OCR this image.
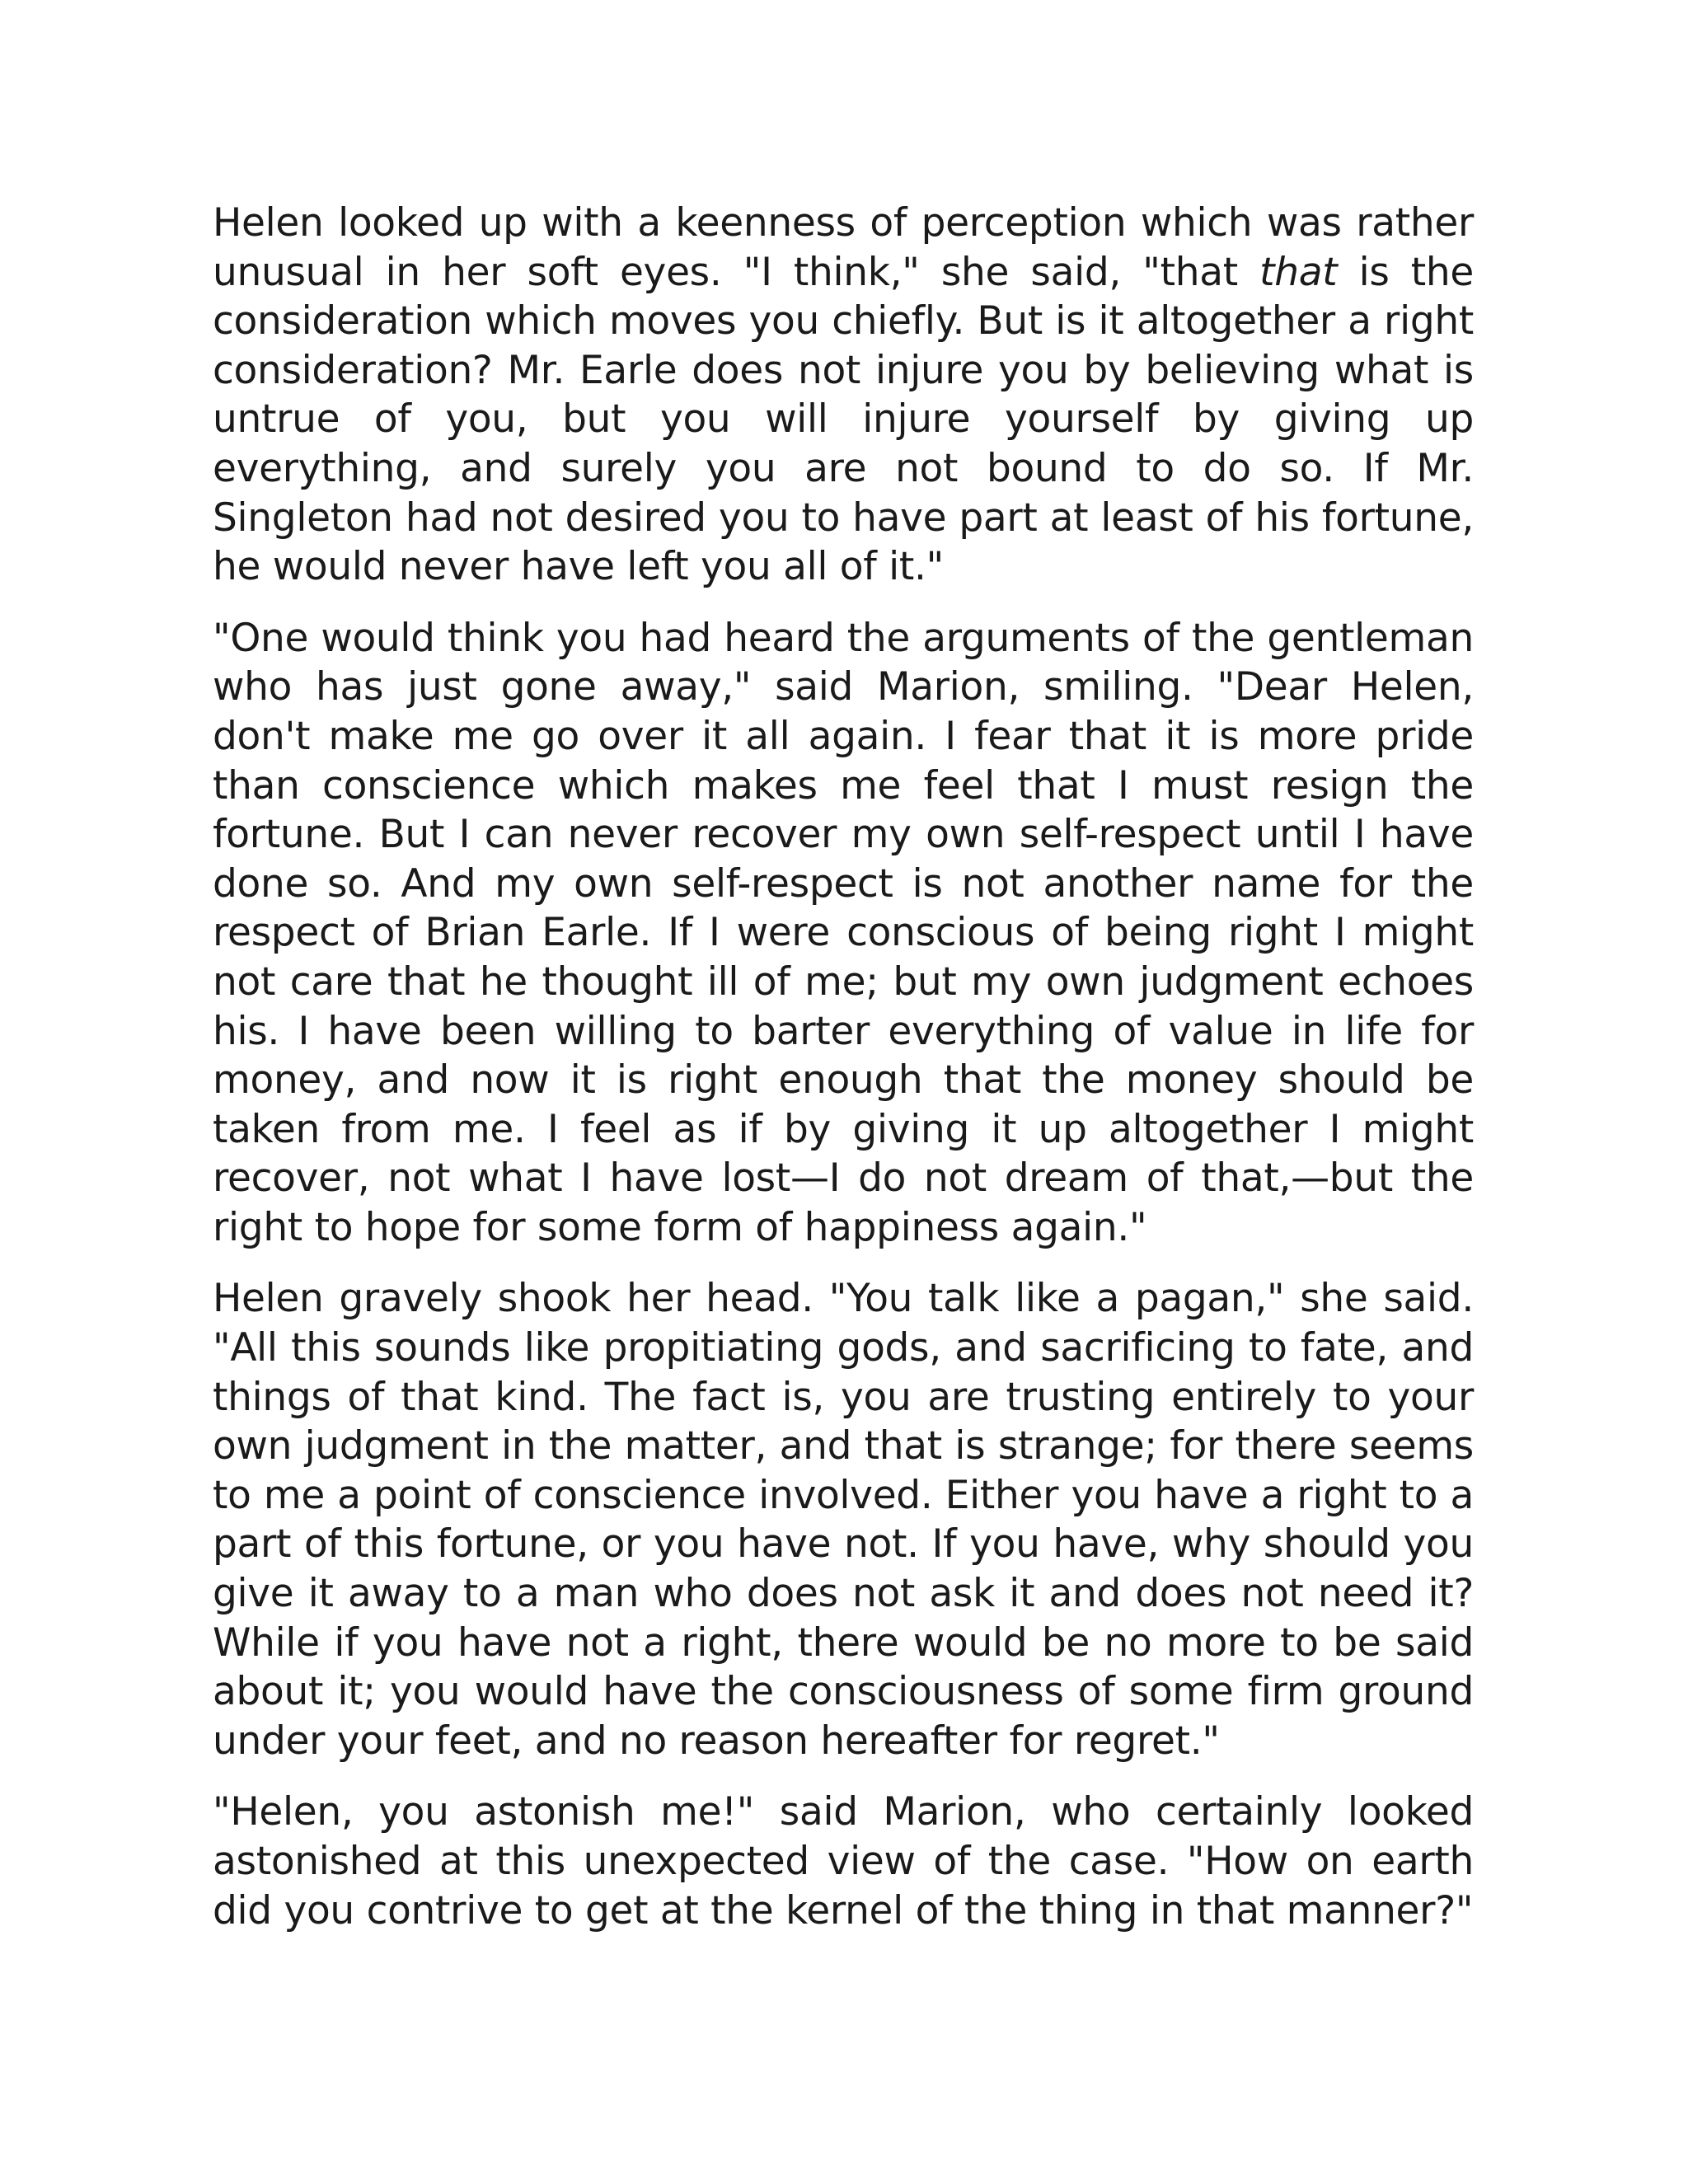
Helen looked up with a keenness of perception which was rather unusual in her soft eyes. "I think," she said, "that that is the consideration which moves you chiefly. But is it altogether a right consideration? Mr. Earle does not injure you by believing what is untrue of you, but you will injure yourself by giving up everything, and surely you are not bound to do so. If Mr. Singleton had not desired you to have part at least of his fortune, he would never have left you all of it."

"One would think you had heard the arguments of the gentleman who has just gone away," said Marion, smiling. "Dear Helen, don't make me go over it all again. I fear that it is more pride than conscience which makes me feel that I must resign the fortune. But I can never recover my own self-respect until I have done so. And my own self-respect is not another name for the respect of Brian Earle. If I were conscious of being right I might not care that he thought ill of me; but my own judgment echoes his. I have been willing to barter everything of value in life for money, and now it is right enough that the money should be taken from me. I feel as if by giving it up altogether I might recover, not what I have lost—I do not dream of that,—but the right to hope for some form of happiness again."

Helen gravely shook her head. "You talk like a pagan," she said. "All this sounds like propitiating gods, and sacrificing to fate, and things of that kind. The fact is, you are trusting entirely to your own judgment in the matter, and that is strange; for there seems to me a point of conscience involved. Either you have a right to a part of this fortune, or you have not. If you have, why should you give it away to a man who does not ask it and does not need it? While if you have not a right, there would be no more to be said about it; you would have the consciousness of some firm ground under your feet, and no reason hereafter for regret."

"Helen, you astonish me!" said Marion, who certainly looked astonished at this unexpected view of the case. "How on earth did you contrive to get at the kernel of the thing in that manner?"
